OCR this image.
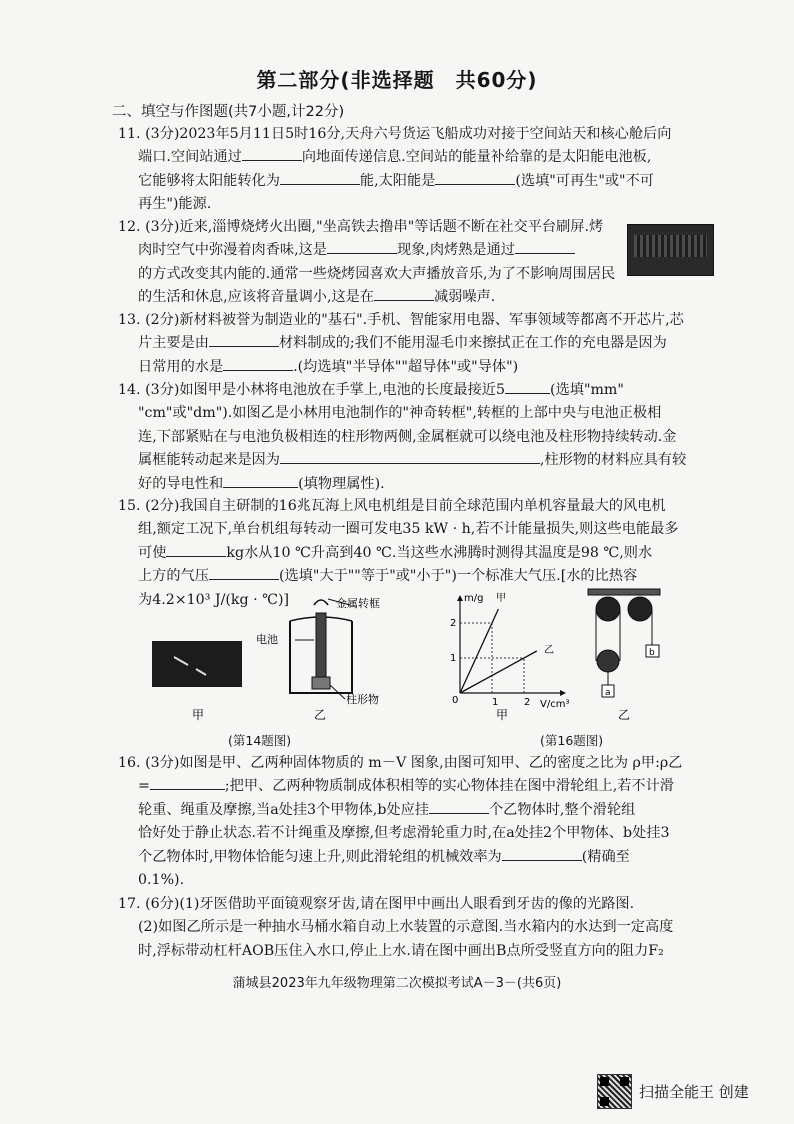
第二部分(非选择题　共60分)
二、填空与作图题(共7小题,计22分)
11. (3分)2023年5月11日5时16分,天舟六号货运飞船成功对接于空间站天和核心舱后向
端口.空间站通过	向地面传递信息.空间站的能量补给靠的是太阳能电池板,
它能够将太阳能转化为	能,太阳能是	(选填"可再生"或"不可
再生")能源.
12. (3分)近来,淄博烧烤火出圈,"坐高铁去撸串"等话题不断在社交平台刷屏.烤
肉时空气中弥漫着肉香味,这是	现象,肉烤熟是通过
的方式改变其内能的.通常一些烧烤园喜欢大声播放音乐,为了不影响周围居民
的生活和休息,应该将音量调小,这是在	减弱噪声.
13. (2分)新材料被誉为制造业的"基石".手机、智能家用电器、军事领域等都离不开芯片,芯
片主要是由	材料制成的;我们不能用湿毛巾来擦拭正在工作的充电器是因为
日常用的水是	.(均选填"半导体""超导体"或"导体")
14. (3分)如图甲是小林将电池放在手掌上,电池的长度最接近5	(选填"mm"
"cm"或"dm").如图乙是小林用电池制作的"神奇转框",转框的上部中央与电池正极相
连,下部紧贴在与电池负极相连的柱形物两侧,金属框就可以绕电池及柱形物持续转动.金
属框能转动起来是因为	,柱形物的材料应具有较
好的导电性和	(填物理属性).
15. (2分)我国自主研制的16兆瓦海上风电机组是目前全球范围内单机容量最大的风电机
组,额定工况下,单台机组每转动一圈可发电35 kW · h,若不计能量损失,则这些电能最多
可使	kg水从10 ℃升高到40 ℃.当这些水沸腾时测得其温度是98 ℃,则水
上方的气压	(选填"大于""等于"或"小于")一个标准大气压.[水的比热容
为4.2×10³ J/(kg · ℃)]
16. (3分)如图是甲、乙两种固体物质的 m－V 图象,由图可知甲、乙的密度之比为 ρ甲:ρ乙
=	;把甲、乙两种物质制成体积相等的实心物体挂在图中滑轮组上,若不计滑
轮重、绳重及摩擦,当a处挂3个甲物体,b处应挂	个乙物体时,整个滑轮组
恰好处于静止状态.若不计绳重及摩擦,但考虑滑轮重力时,在a处挂2个甲物体、b处挂3
个乙物体时,甲物体恰能匀速上升,则此滑轮组的机械效率为	(精确至
0.1%).
17. (6分)(1)牙医借助平面镜观察牙齿,请在图甲中画出人眼看到牙齿的像的光路图.
(2)如图乙所示是一种抽水马桶水箱自动上水装置的示意图.当水箱内的水达到一定高度
时,浮标带动杠杆AOB压住入水口,停止上水.请在图中画出B点所受竖直方向的阻力F₂
金属转框
电池
柱形物
甲	乙
m/g
V/cm³
甲
乙
2
1
1	2
0
a
b
甲	乙
(第14题图)	(第16题图)
蒲城县2023年九年级物理第二次模拟考试A－3－(共6页)
扫描全能王 创建
